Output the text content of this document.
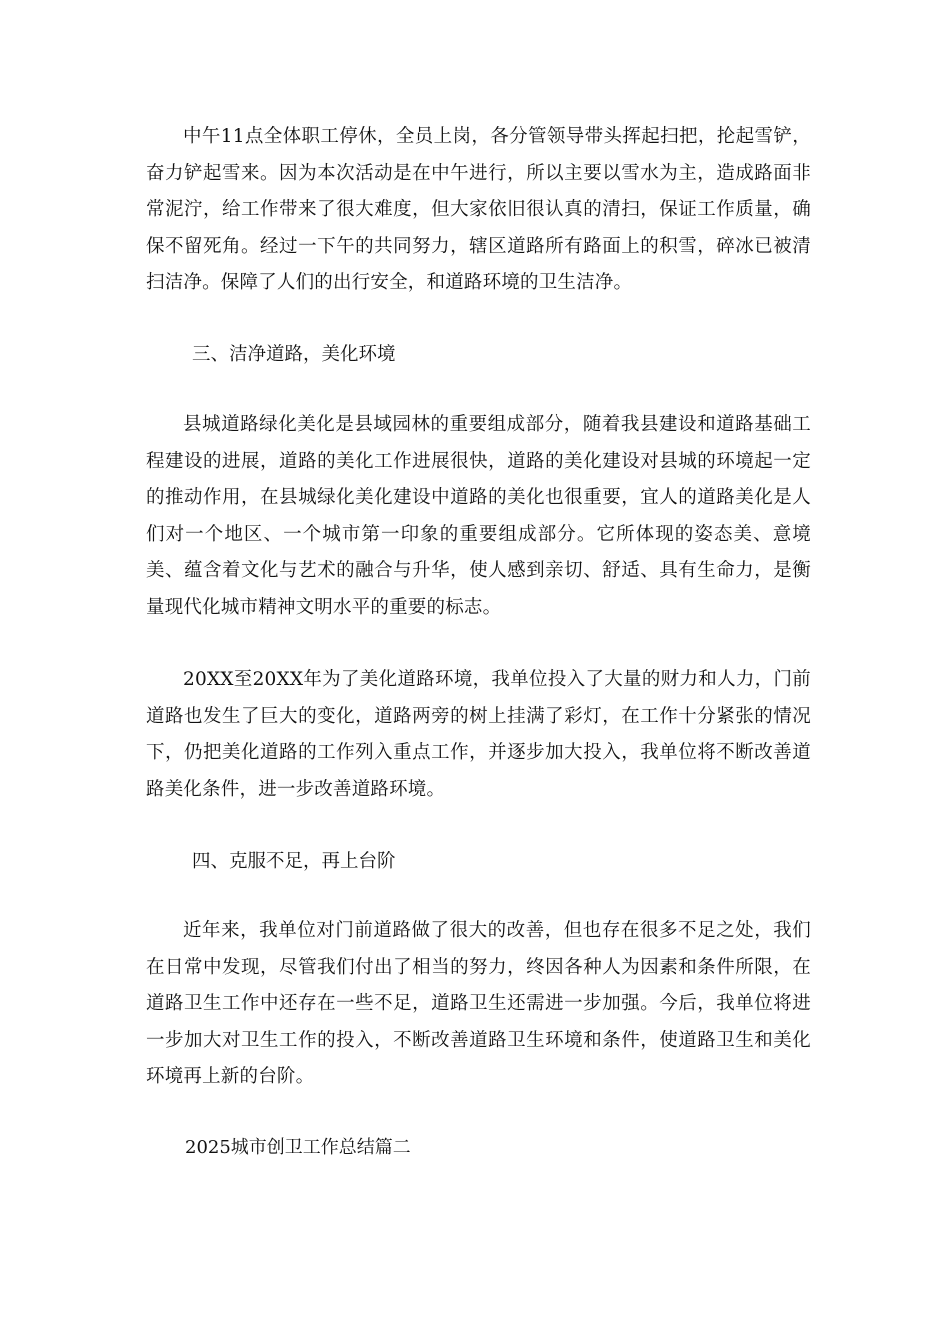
中午11点全体职工停休，全员上岗，各分管领导带头挥起扫把，抡起雪铲，奋力铲起雪来。因为本次活动是在中午进行，所以主要以雪水为主，造成路面非常泥泞，给工作带来了很大难度，但大家依旧很认真的清扫，保证工作质量，确保不留死角。经过一下午的共同努力，辖区道路所有路面上的积雪，碎冰已被清扫洁净。保障了人们的出行安全，和道路环境的卫生洁净。
三、洁净道路，美化环境
县城道路绿化美化是县域园林的重要组成部分，随着我县建设和道路基础工程建设的进展，道路的美化工作进展很快，道路的美化建设对县城的环境起一定的推动作用，在县城绿化美化建设中道路的美化也很重要，宜人的道路美化是人们对一个地区、一个城市第一印象的重要组成部分。它所体现的姿态美、意境美、蕴含着文化与艺术的融合与升华，使人感到亲切、舒适、具有生命力，是衡量现代化城市精神文明水平的重要的标志。
20XX至20XX年为了美化道路环境，我单位投入了大量的财力和人力，门前道路也发生了巨大的变化，道路两旁的树上挂满了彩灯，在工作十分紧张的情况下，仍把美化道路的工作列入重点工作，并逐步加大投入，我单位将不断改善道路美化条件，进一步改善道路环境。
四、克服不足，再上台阶
近年来，我单位对门前道路做了很大的改善，但也存在很多不足之处，我们在日常中发现，尽管我们付出了相当的努力，终因各种人为因素和条件所限，在道路卫生工作中还存在一些不足，道路卫生还需进一步加强。今后，我单位将进一步加大对卫生工作的投入，不断改善道路卫生环境和条件，使道路卫生和美化环境再上新的台阶。
2025城市创卫工作总结篇二
